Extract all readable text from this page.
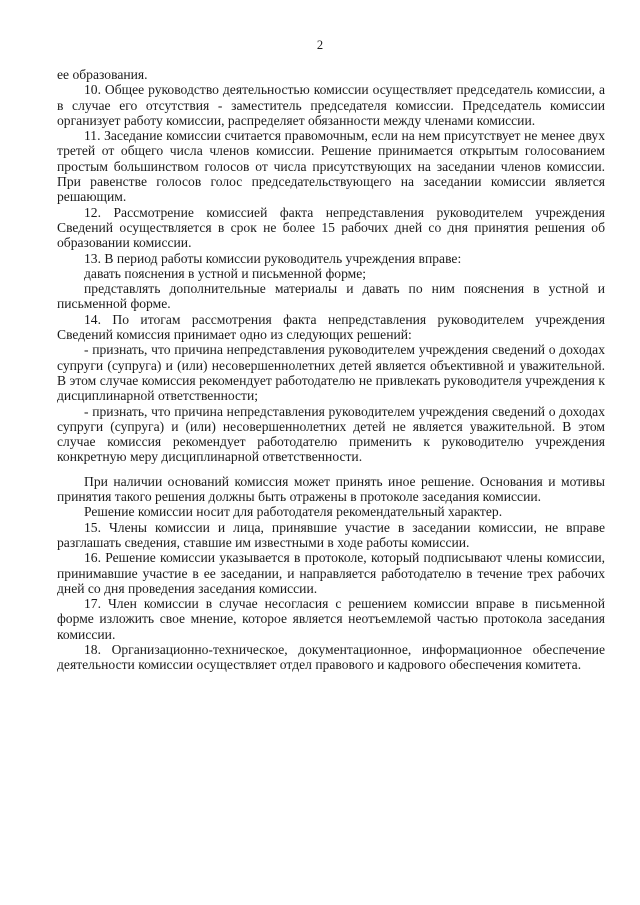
2

ее образования.

10. Общее руководство деятельностью комиссии осуществляет председатель комиссии, а в случае его отсутствия - заместитель председателя комиссии. Председатель комиссии организует работу комиссии, распределяет обязанности между членами комиссии.

11. Заседание комиссии считается правомочным, если на нем присутствует не менее двух третей от общего числа членов комиссии. Решение принимается открытым голосованием простым большинством голосов от числа присутствующих на заседании членов комиссии. При равенстве голосов голос председательствующего на заседании комиссии является решающим.

12. Рассмотрение комиссией факта непредставления руководителем учреждения Сведений осуществляется в срок не более 15 рабочих дней со дня принятия решения об образовании комиссии.

13. В период работы комиссии руководитель учреждения вправе:

давать пояснения в устной и письменной форме;

представлять дополнительные материалы и давать по ним пояснения в устной и письменной форме.

14. По итогам рассмотрения факта непредставления руководителем учреждения Сведений комиссия принимает одно из следующих решений:

- признать, что причина непредставления руководителем учреждения сведений о доходах супруги (супруга) и (или) несовершеннолетних детей является объективной и уважительной. В этом случае комиссия рекомендует работодателю не привлекать руководителя учреждения к дисциплинарной ответственности;

- признать, что причина непредставления руководителем учреждения сведений о доходах супруги (супруга) и (или) несовершеннолетних детей не является уважительной. В этом случае комиссия рекомендует работодателю применить к руководителю учреждения конкретную меру дисциплинарной ответственности.

При наличии оснований комиссия может принять иное решение. Основания и мотивы принятия такого решения должны быть отражены в протоколе заседания комиссии.

Решение комиссии носит для работодателя рекомендательный характер.

15. Члены комиссии и лица, принявшие участие в заседании комиссии, не вправе разглашать сведения, ставшие им известными в ходе работы комиссии.

16. Решение комиссии указывается в протоколе, который подписывают члены комиссии, принимавшие участие в ее заседании, и направляется работодателю в течение трех рабочих дней со дня проведения заседания комиссии.

17. Член комиссии в случае несогласия с решением комиссии вправе в письменной форме изложить свое мнение, которое является неотъемлемой частью протокола заседания комиссии.

18. Организационно-техническое, документационное, информационное обеспечение деятельности комиссии осуществляет отдел правового и кадрового обеспечения комитета.
